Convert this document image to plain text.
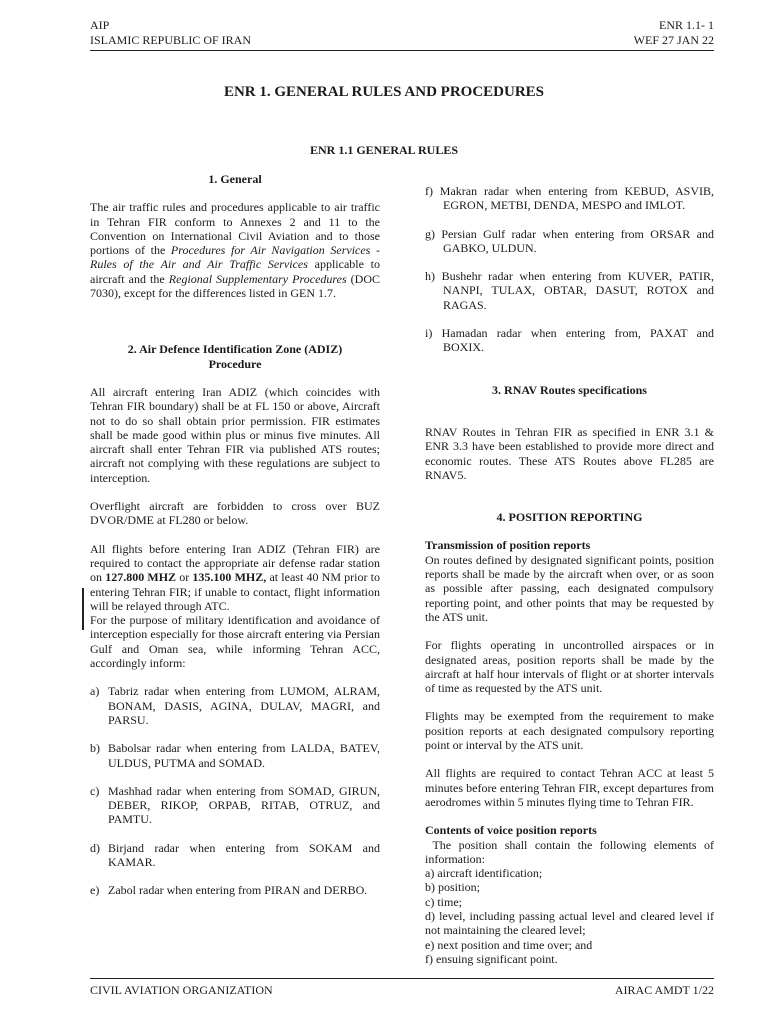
AIP	ENR 1.1- 1
ISLAMIC REPUBLIC OF IRAN	WEF 27 JAN 22
ENR 1. GENERAL RULES AND PROCEDURES
ENR 1.1 GENERAL RULES

1. General

The air traffic rules and procedures applicable to air traffic in Tehran FIR conform to Annexes 2 and 11 to the Convention on International Civil Aviation and to those portions of the Procedures for Air Navigation Services - Rules of the Air and Air Traffic Services applicable to aircraft and the Regional Supplementary Procedures (DOC 7030), except for the differences listed in GEN 1.7.

2. Air Defence Identification Zone (ADIZ)
Procedure

All aircraft entering Iran ADIZ (which coincides with Tehran FIR boundary) shall be at FL 150 or above, Aircraft not to do so shall obtain prior permission. FIR estimates shall be made good within plus or minus five minutes. All aircraft shall enter Tehran FIR via published ATS routes; aircraft not complying with these regulations are subject to interception.

Overflight aircraft are forbidden to cross over BUZ DVOR/DME at FL280 or below.

All flights before entering Iran ADIZ (Tehran FIR) are required to contact the appropriate air defense radar station on 127.800 MHZ or 135.100 MHZ, at least 40 NM prior to entering Tehran FIR; if unable to contact, flight information will be relayed through ATC.

For the purpose of military identification and avoidance of interception especially for those aircraft entering via Persian Gulf and Oman sea, while informing Tehran ACC, accordingly inform:

a) Tabriz radar when entering from LUMOM, ALRAM, BONAM, DASIS, AGINA, DULAV, MAGRI, and PARSU.
b) Babolsar radar when entering from LALDA, BATEV, ULDUS, PUTMA and SOMAD.
c) Mashhad radar when entering from SOMAD, GIRUN, DEBER, RIKOP, ORPAB, RITAB, OTRUZ, and PAMTU.
d) Birjand radar when entering from SOKAM and KAMAR.
e) Zabol radar when entering from PIRAN and DERBO.

f) Makran radar when entering from KEBUD, ASVIB, EGRON, METBI, DENDA, MESPO and IMLOT.

g) Persian Gulf radar when entering from ORSAR and GABKO, ULDUN.

h) Bushehr radar when entering from KUVER, PATIR, NANPI, TULAX, OBTAR, DASUT, ROTOX and RAGAS.

i) Hamadan radar when entering from, PAXAT and BOXIX.

3. RNAV Routes specifications

RNAV Routes in Tehran FIR as specified in ENR 3.1 & ENR 3.3 have been established to provide more direct and economic routes. These ATS Routes above FL285 are RNAV5.

4. POSITION REPORTING

Transmission of position reports

On routes defined by designated significant points, position reports shall be made by the aircraft when over, or as soon as possible after passing, each designated compulsory reporting point, and other points that may be requested by the ATS unit.

For flights operating in uncontrolled airspaces or in designated areas, position reports shall be made by the aircraft at half hour intervals of flight or at shorter intervals of time as requested by the ATS unit.

Flights may be exempted from the requirement to make position reports at each designated compulsory reporting point or interval by the ATS unit.

All flights are required to contact Tehran ACC at least 5 minutes before entering Tehran FIR, except departures from aerodromes within 5 minutes flying time to Tehran FIR.

Contents of voice position reports

The position shall contain the following elements of information:

a) aircraft identification;

b) position;

c) time;

d) level, including passing actual level and cleared level if not maintaining the cleared level;

e) next position and time over; and

f) ensuing significant point.

CIVIL AVIATION ORGANIZATION	AIRAC AMDT 1/22
